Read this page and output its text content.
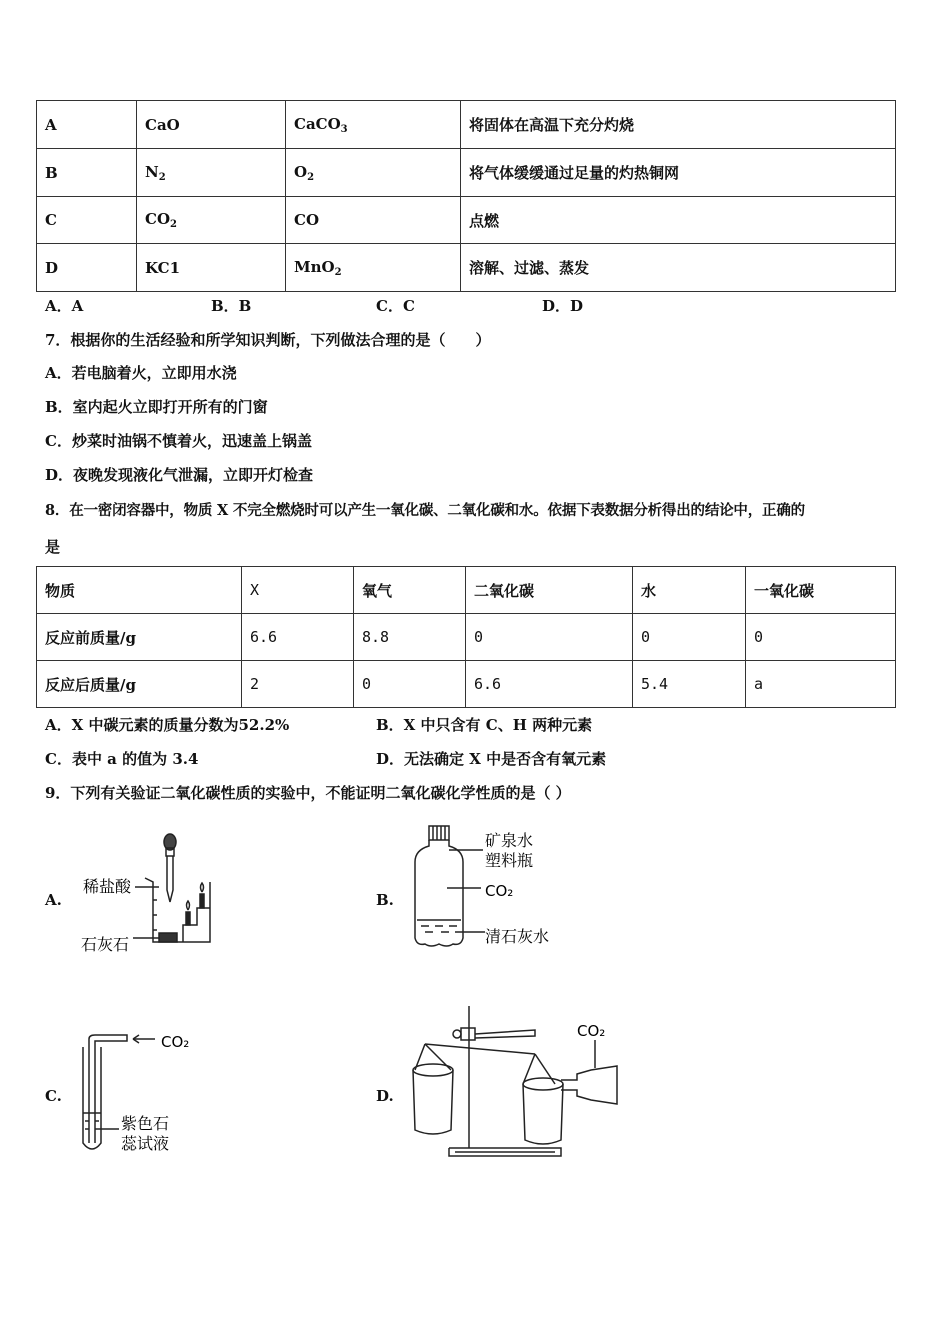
A	CaO	CaCO$_3$	将固体在高温下充分灼烧
B	$N_2$	$O_2$	将气体缓缓通过足量的灼热铜网
C	$CO_2$	CO	点燃
D	KC1	MnO$_2$	溶解、过滤、蒸发
A．A	B．B	C．C	D．D
7．根据你的生活经验和所学知识判断，下列做法合理的是（　　）
A．若电脑着火，立即用水浇
B．室内起火立即打开所有的门窗
C．炒菜时油锅不慎着火，迅速盖上锅盖
D．夜晚发现液化气泄漏，立即开灯检查
8．在一密闭容器中，物质 X 不完全燃烧时可以产生一氧化碳、二氧化碳和水。依据下表数据分析得出的结论中，正确的
是
物质	X	氧气	二氧化碳	水	一氧化碳
反应前质量/g	6.6	8.8	0	0	0
反应后质量/g	2	0	6.6	5.4	a
A．X 中碳元素的质量分数为52.2%	B．X 中只含有 C、H 两种元素
C．表中 a 的值为 3.4	D．无法确定 X 中是否含有氧元素
9．下列有关验证二氧化碳性质的实验中，不能证明二氧化碳化学性质的是（ ）
A.
稀盐酸
石灰石
B.
矿泉水
塑料瓶
CO₂
清石灰水
C.
CO₂
紫色石
蕊试液
D.
CO₂
